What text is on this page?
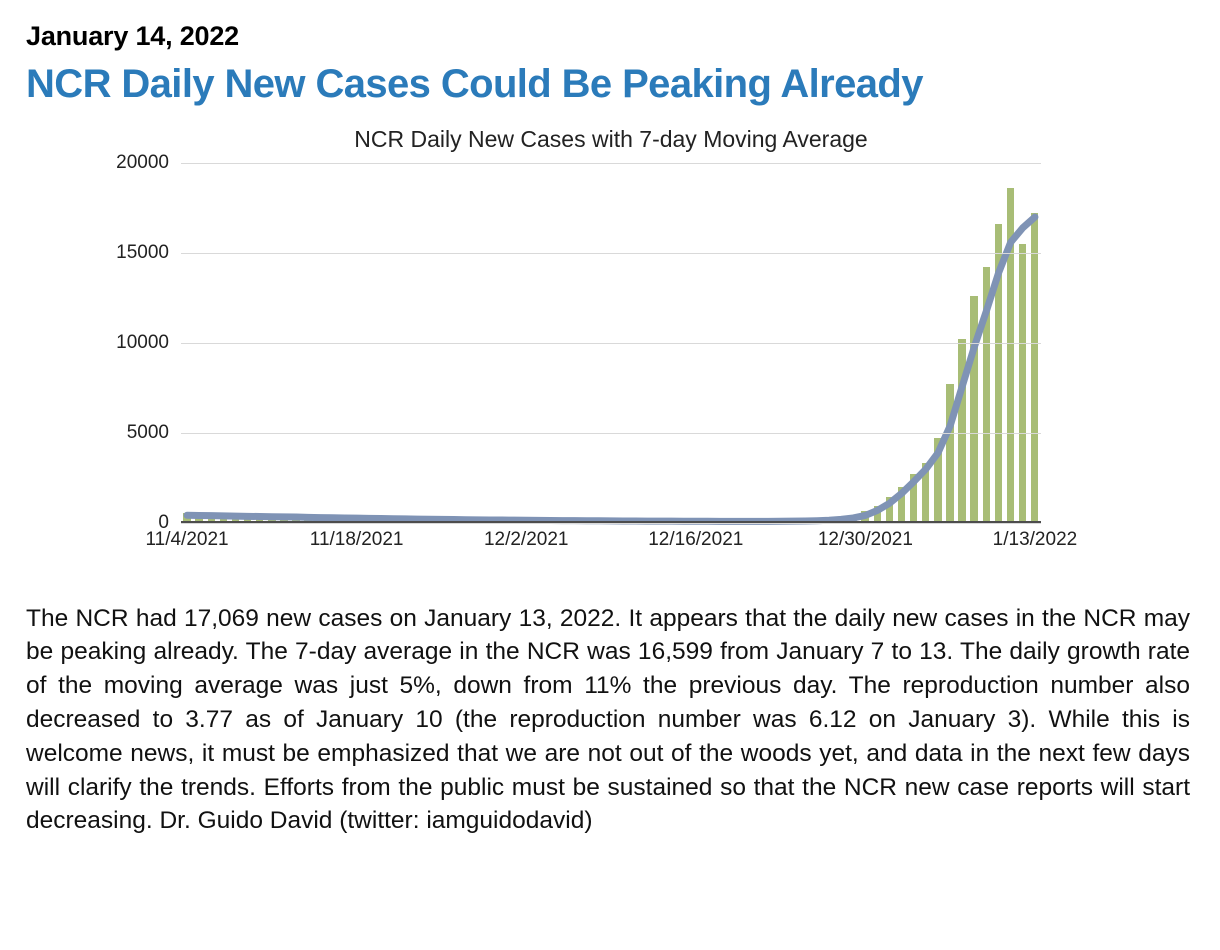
January 14, 2022
NCR Daily New Cases Could Be Peaking Already
NCR Daily New Cases with 7-day Moving Average
0
5000
10000
15000
20000
11/4/2021	11/18/2021	12/2/2021	12/16/2021	12/30/2021	1/13/2022
The NCR had 17,069 new cases on January 13, 2022. It appears that the daily new cases in the NCR may be peaking already. The 7-day average in the NCR was 16,599 from January 7 to 13. The daily growth rate of the moving average was just 5%, down from 11% the previous day. The reproduction number also decreased to 3.77 as of January 10 (the reproduction number was 6.12 on January 3). While this is welcome news, it must be emphasized that we are not out of the woods yet, and data in the next few days will clarify the trends. Efforts from the public must be sustained so that the NCR new case reports will start decreasing. Dr. Guido David (twitter: iamguidodavid)
